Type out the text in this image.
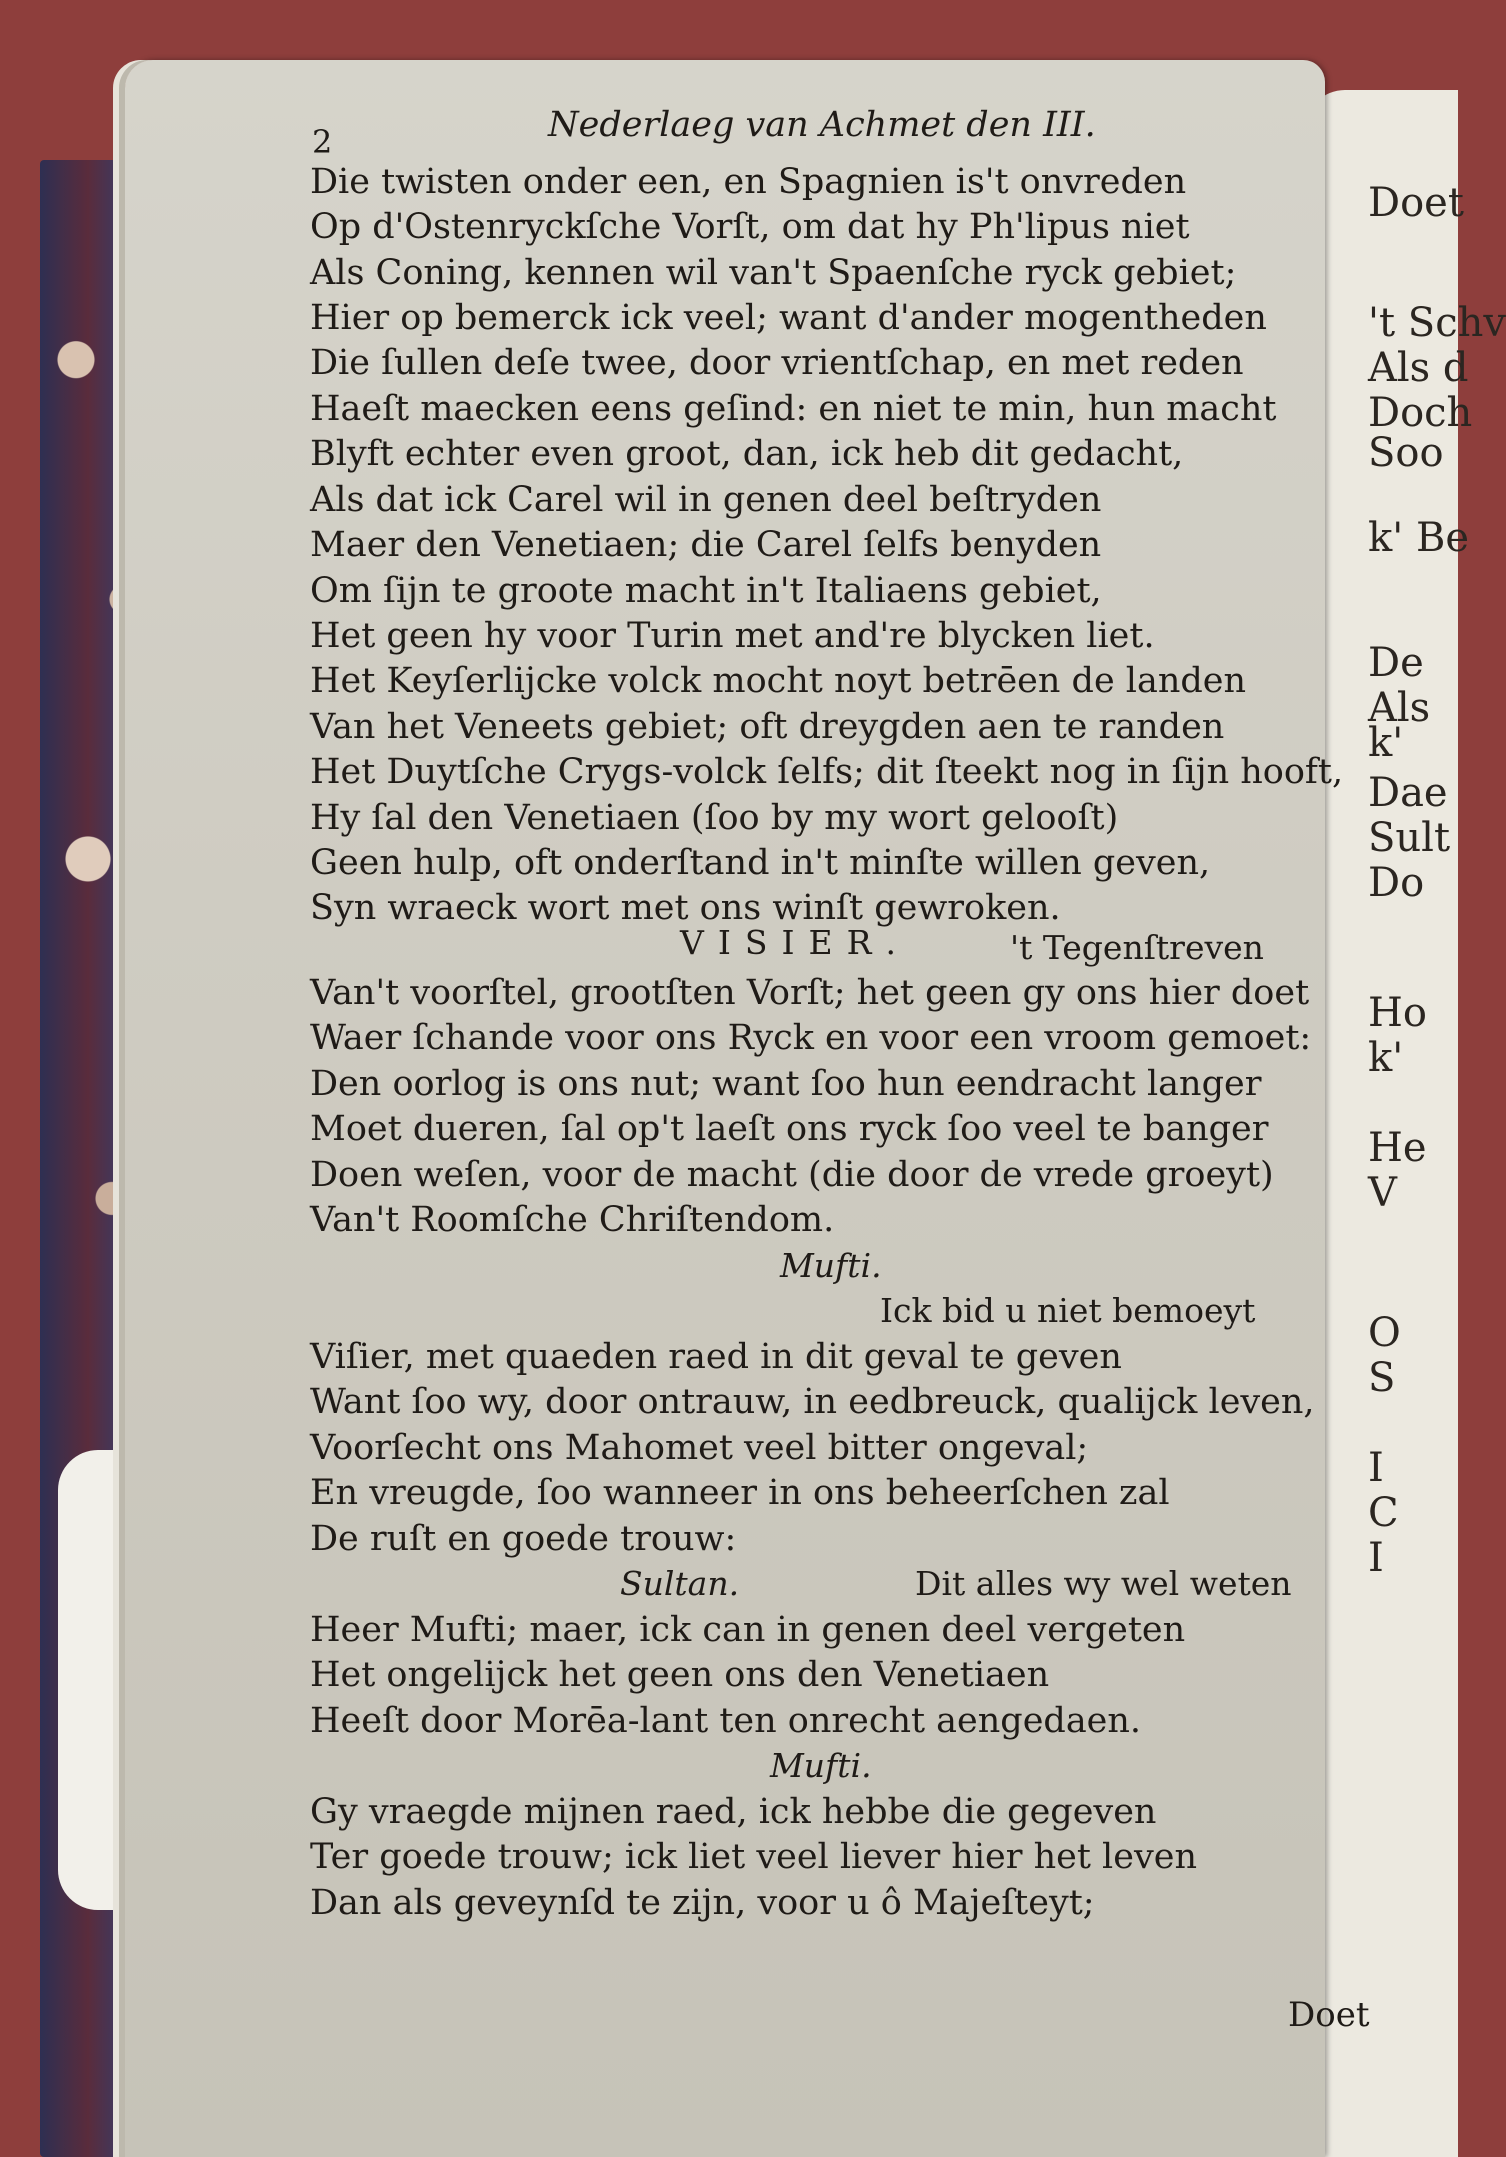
Doet
't Schv
Als d
Doch
Soo
k' Be
De
Als
k'
Dae
Sult
Do
Ho
k'
He
V
O
S
I
C
I
2	Nederlaeg van Achmet den III.
Die twisten onder een, en Spagnien is't onvreden
Op d'Ostenryckſche Vorſt, om dat hy Ph'lipus niet
Als Coning, kennen wil van't Spaenſche ryck gebiet;
Hier op bemerck ick veel; want d'ander mogentheden
Die ſullen deſe twee, door vrientſchap, en met reden
Haeſt maecken eens geſind: en niet te min, hun macht
Blyft echter even groot, dan, ick heb dit gedacht,
Als dat ick Carel wil in genen deel beſtryden
Maer den Venetiaen; die Carel ſelfs benyden
Om ſijn te groote macht in't Italiaens gebiet,
Het geen hy voor Turin met and're blycken liet.
Het Keyſerlijcke volck mocht noyt betrēen de landen
Van het Veneets gebiet; oft dreygden aen te randen
Het Duytſche Crygs-volck ſelfs; dit ſteekt nog in ſijn hooft,
Hy ſal den Venetiaen (ſoo by my wort gelooſt)
Geen hulp, oft onderſtand in't minſte willen geven,
Syn wraeck wort met ons winſt gewroken.
VISIER.	't Tegenſtreven
Van't voorſtel, grootſten Vorſt; het geen gy ons hier doet
Waer ſchande voor ons Ryck en voor een vroom gemoet:
Den oorlog is ons nut; want ſoo hun eendracht langer
Moet dueren, ſal op't laeſt ons ryck ſoo veel te banger
Doen weſen, voor de macht (die door de vrede groeyt)
Van't Roomſche Chriſtendom.
Mufti.
Ick bid u niet bemoeyt
Viſier, met quaeden raed in dit geval te geven
Want ſoo wy, door ontrauw, in eedbreuck, qualijck leven,
Voorſecht ons Mahomet veel bitter ongeval;
En vreugde, ſoo wanneer in ons beheerſchen zal
De ruſt en goede trouw:
Sultan.	Dit alles wy wel weten
Heer Mufti; maer, ick can in genen deel vergeten
Het ongelijck het geen ons den Venetiaen
Heeſt door Morēa-lant ten onrecht aengedaen.
Mufti.
Gy vraegde mijnen raed, ick hebbe die gegeven
Ter goede trouw; ick liet veel liever hier het leven
Dan als geveynſd te zijn, voor u ô Majeſteyt;
Doet
